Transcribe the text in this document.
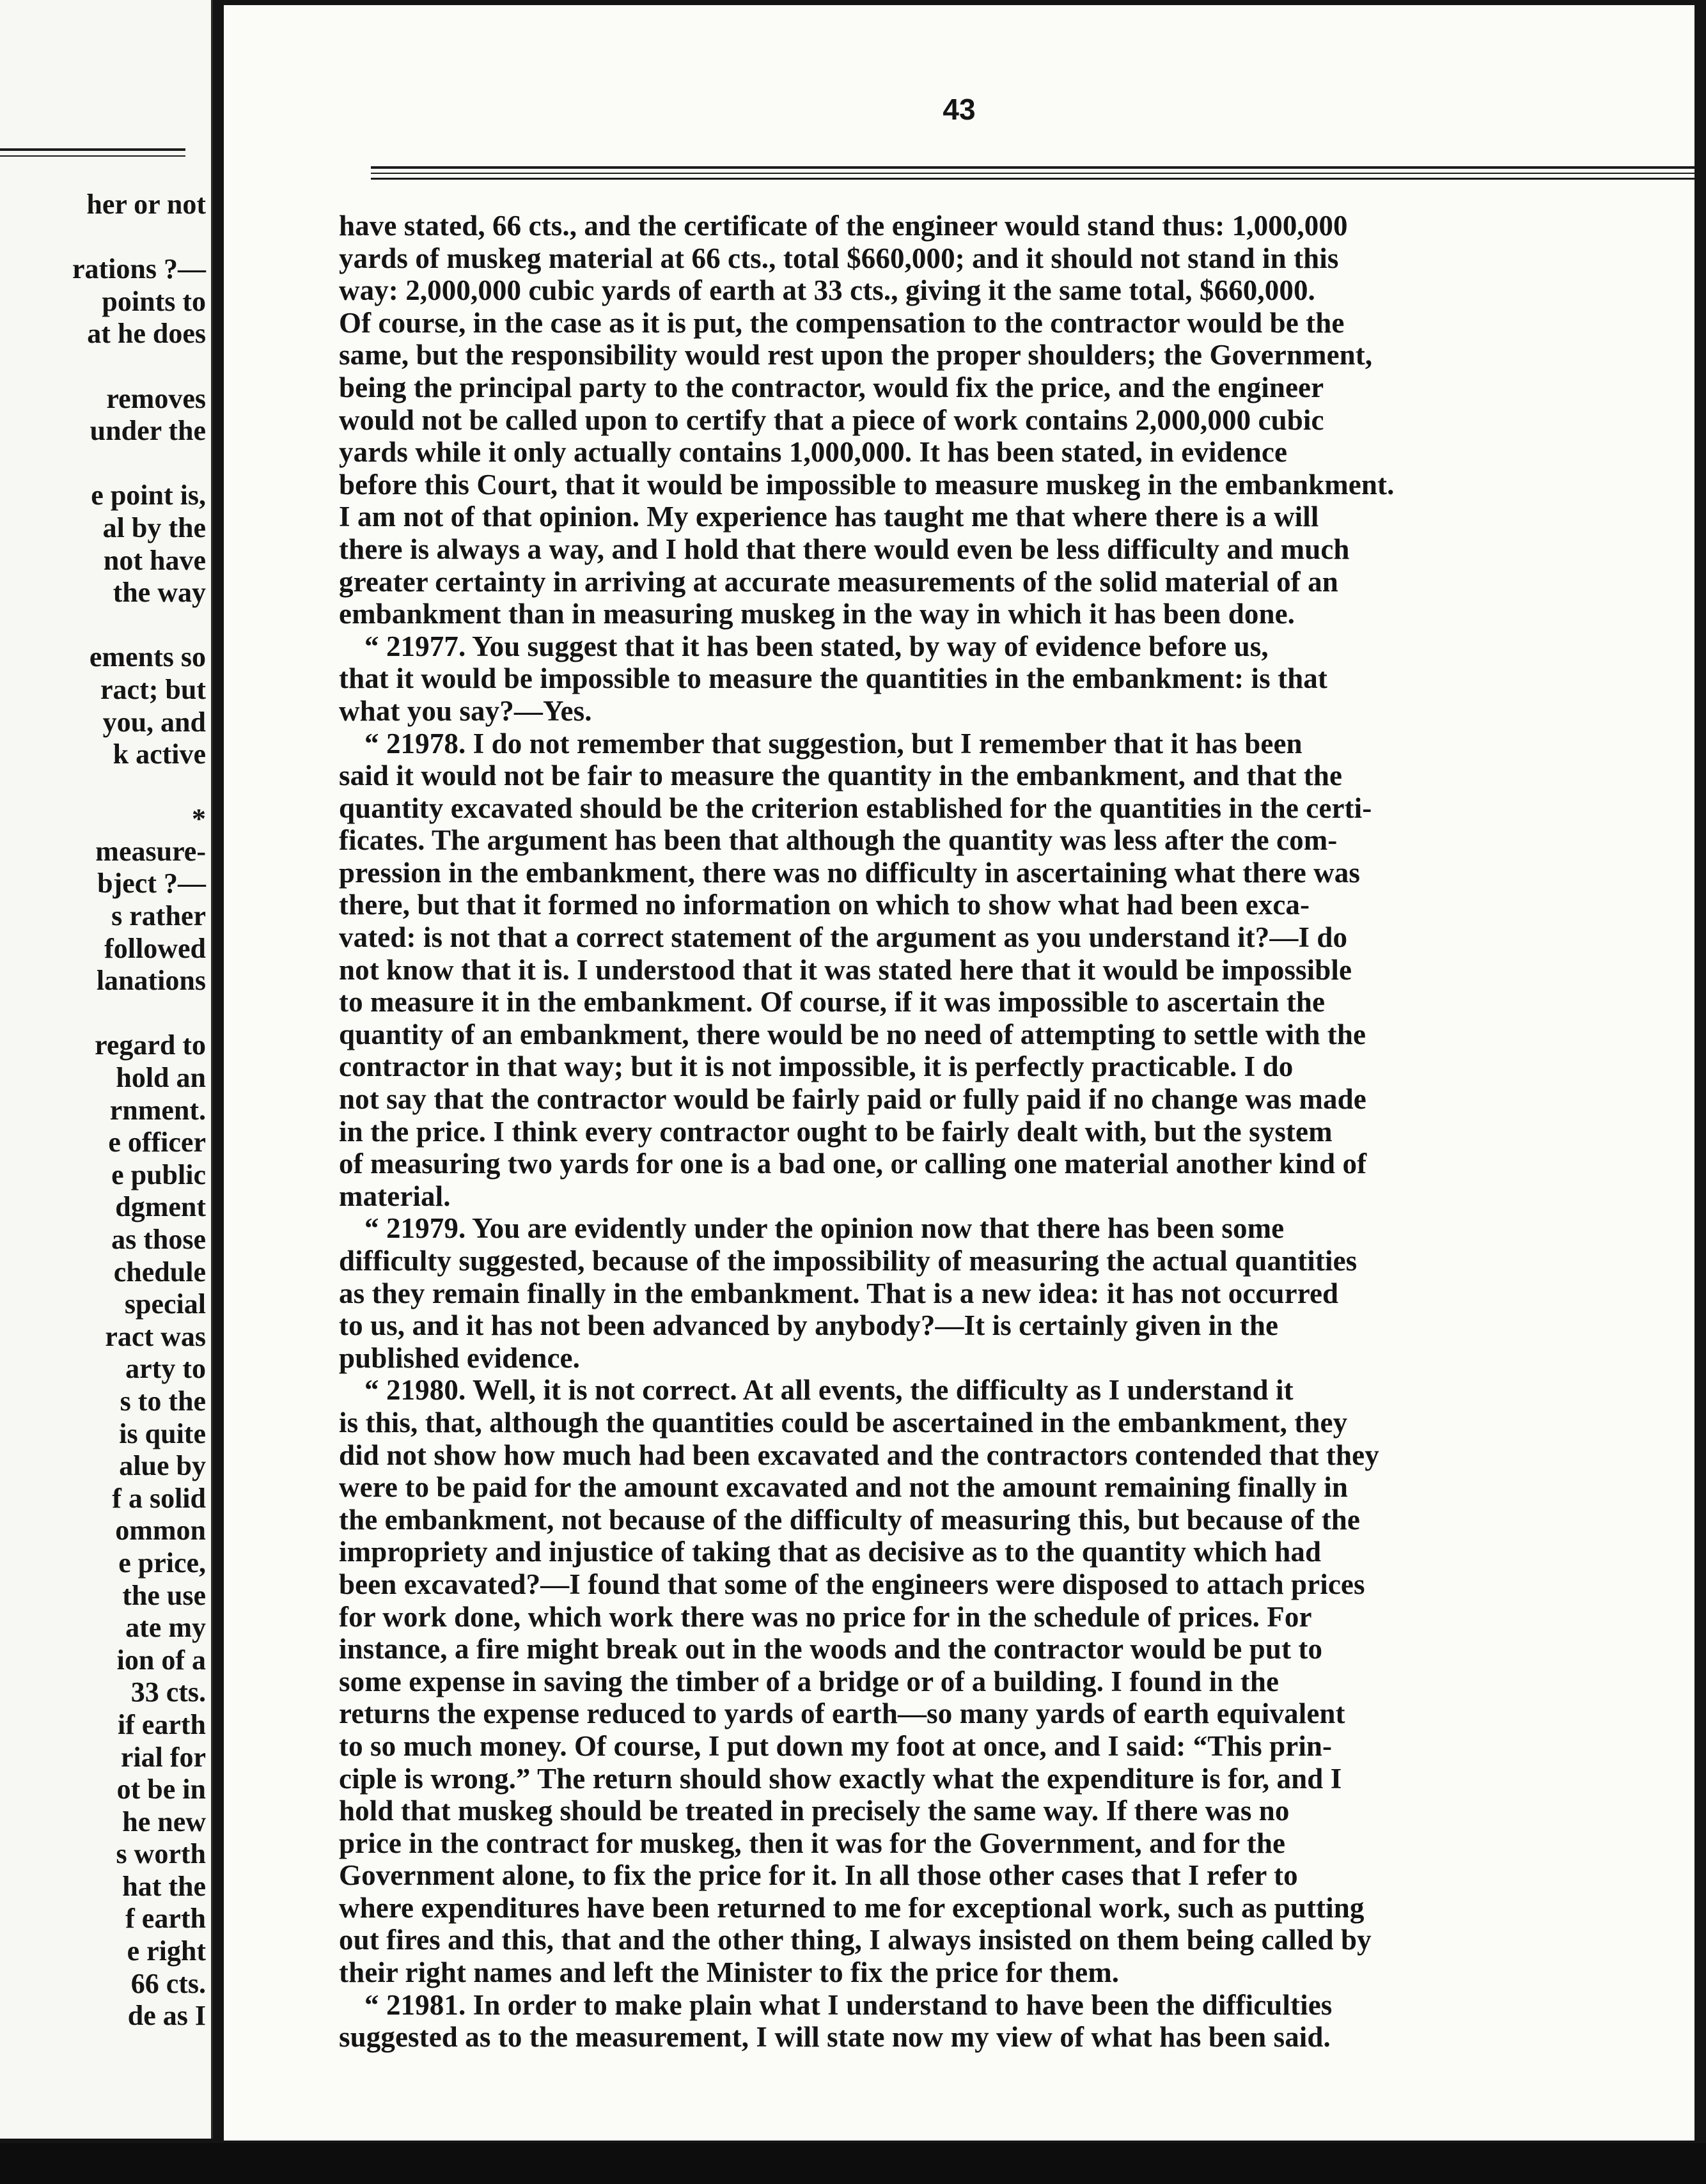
her or not
rations ?—
points to
at he does
removes
under the
e point is,
al by the
not have
the way
ements so
ract; but
you, and
k active
*
measure-
bject ?—
s rather
followed
lanations
regard to
hold an
rnment.
e officer
e public
dgment
as those
chedule
special
ract was
arty to
s to the
is quite
alue by
f a solid
ommon
e price,
the use
ate my
ion of a
33 cts.
if earth
rial for
ot be in
he new
s worth
hat the
f earth
e right
66 cts.
de as I
43
have stated, 66 cts., and the certificate of the engineer would stand thus: 1,000,000
yards of muskeg material at 66 cts., total $660,000; and it should not stand in this
way: 2,000,000 cubic yards of earth at 33 cts., giving it the same total, $660,000.
Of course, in the case as it is put, the compensation to the contractor would be the
same, but the responsibility would rest upon the proper shoulders; the Government,
being the principal party to the contractor, would fix the price, and the engineer
would not be called upon to certify that a piece of work contains 2,000,000 cubic
yards while it only actually contains 1,000,000. It has been stated, in evidence
before this Court, that it would be impossible to measure muskeg in the embankment.
I am not of that opinion. My experience has taught me that where there is a will
there is always a way, and I hold that there would even be less difficulty and much
greater certainty in arriving at accurate measurements of the solid material of an
embankment than in measuring muskeg in the way in which it has been done.
“ 21977. You suggest that it has been stated, by way of evidence before us,
that it would be impossible to measure the quantities in the embankment: is that
what you say?—Yes.
“ 21978. I do not remember that suggestion, but I remember that it has been
said it would not be fair to measure the quantity in the embankment, and that the
quantity excavated should be the criterion established for the quantities in the certi-
ficates. The argument has been that although the quantity was less after the com-
pression in the embankment, there was no difficulty in ascertaining what there was
there, but that it formed no information on which to show what had been exca-
vated: is not that a correct statement of the argument as you understand it?—I do
not know that it is. I understood that it was stated here that it would be impossible
to measure it in the embankment. Of course, if it was impossible to ascertain the
quantity of an embankment, there would be no need of attempting to settle with the
contractor in that way; but it is not impossible, it is perfectly practicable. I do
not say that the contractor would be fairly paid or fully paid if no change was made
in the price. I think every contractor ought to be fairly dealt with, but the system
of measuring two yards for one is a bad one, or calling one material another kind of
material.
“ 21979. You are evidently under the opinion now that there has been some
difficulty suggested, because of the impossibility of measuring the actual quantities
as they remain finally in the embankment. That is a new idea: it has not occurred
to us, and it has not been advanced by anybody?—It is certainly given in the
published evidence.
“ 21980. Well, it is not correct. At all events, the difficulty as I understand it
is this, that, although the quantities could be ascertained in the embankment, they
did not show how much had been excavated and the contractors contended that they
were to be paid for the amount excavated and not the amount remaining finally in
the embankment, not because of the difficulty of measuring this, but because of the
impropriety and injustice of taking that as decisive as to the quantity which had
been excavated?—I found that some of the engineers were disposed to attach prices
for work done, which work there was no price for in the schedule of prices. For
instance, a fire might break out in the woods and the contractor would be put to
some expense in saving the timber of a bridge or of a building. I found in the
returns the expense reduced to yards of earth—so many yards of earth equivalent
to so much money. Of course, I put down my foot at once, and I said: “This prin-
ciple is wrong.” The return should show exactly what the expenditure is for, and I
hold that muskeg should be treated in precisely the same way. If there was no
price in the contract for muskeg, then it was for the Government, and for the
Government alone, to fix the price for it. In all those other cases that I refer to
where expenditures have been returned to me for exceptional work, such as putting
out fires and this, that and the other thing, I always insisted on them being called by
their right names and left the Minister to fix the price for them.
“ 21981. In order to make plain what I understand to have been the difficulties
suggested as to the measurement, I will state now my view of what has been said.
